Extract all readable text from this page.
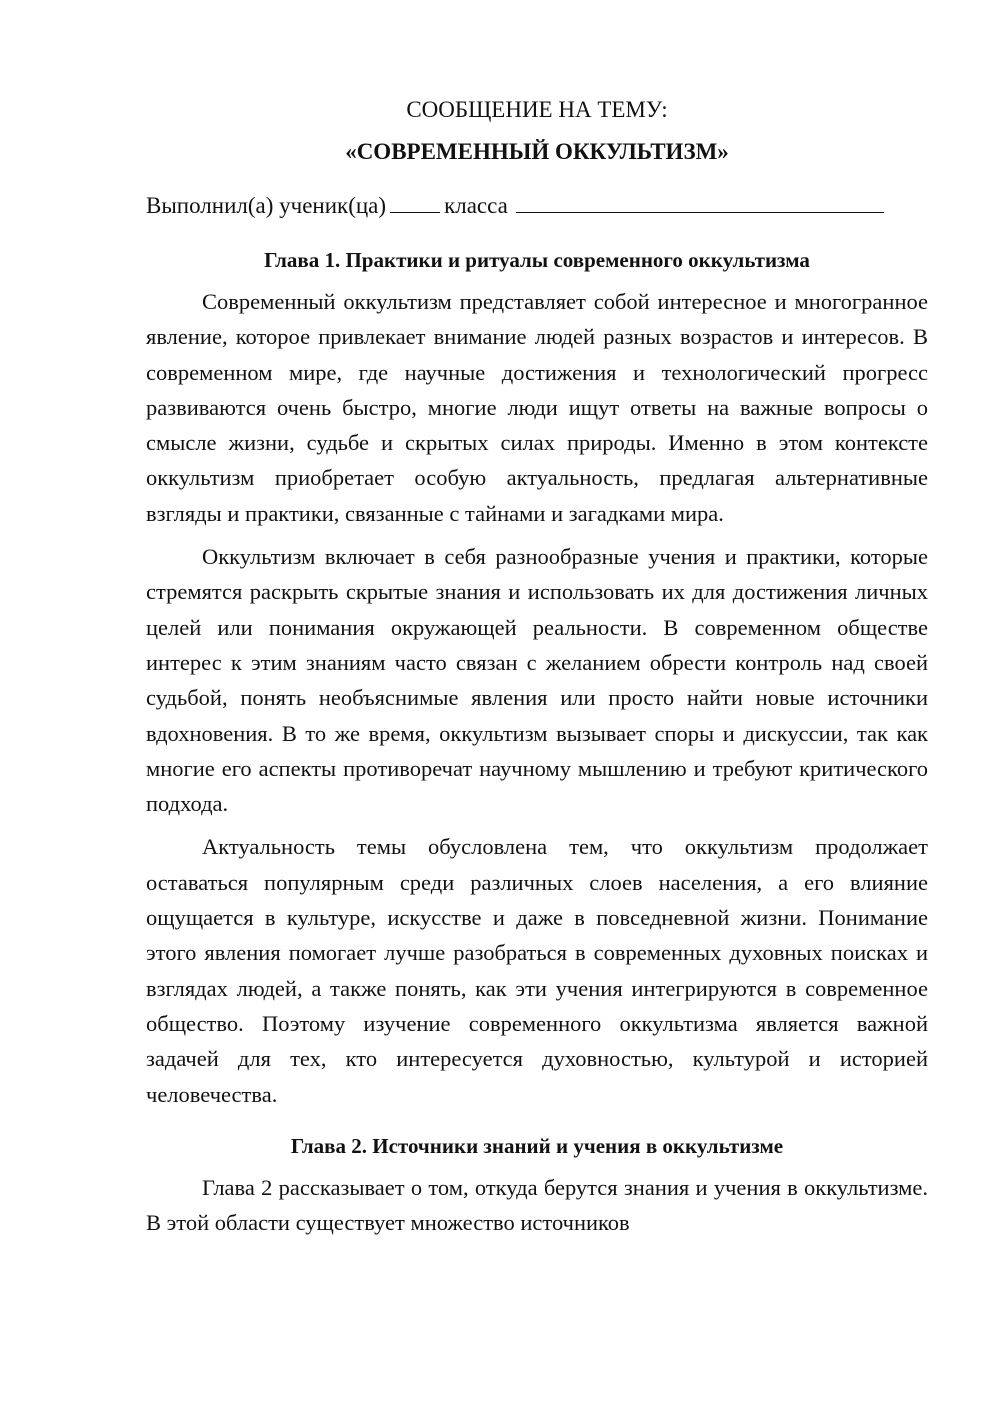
СООБЩЕНИЕ НА ТЕМУ:
«СОВРЕМЕННЫЙ ОККУЛЬТИЗМ»
Выполнил(а) ученик(ца)	класса
Глава 1. Практики и ритуалы современного оккультизма

Современный оккультизм представляет собой интересное и многогранное явление, которое привлекает внимание людей разных возрастов и интересов. В современном мире, где научные достижения и технологический прогресс развиваются очень быстро, многие люди ищут ответы на важные вопросы о смысле жизни, судьбе и скрытых силах природы. Именно в этом контексте оккультизм приобретает особую актуальность, предлагая альтернативные взгляды и практики, связанные с тайнами и загадками мира.

Оккультизм включает в себя разнообразные учения и практики, которые стремятся раскрыть скрытые знания и использовать их для достижения личных целей или понимания окружающей реальности. В современном обществе интерес к этим знаниям часто связан с желанием обрести контроль над своей судьбой, понять необъяснимые явления или просто найти новые источники вдохновения. В то же время, оккультизм вызывает споры и дискуссии, так как многие его аспекты противоречат научному мышлению и требуют критического подхода.

Актуальность темы обусловлена тем, что оккультизм продолжает оставаться популярным среди различных слоев населения, а его влияние ощущается в культуре, искусстве и даже в повседневной жизни. Понимание этого явления помогает лучше разобраться в современных духовных поисках и взглядах людей, а также понять, как эти учения интегрируются в современное общество. Поэтому изучение современного оккультизма является важной задачей для тех, кто интересуется духовностью, культурой и историей человечества.

Глава 2. Источники знаний и учения в оккультизме

Глава 2 рассказывает о том, откуда берутся знания и учения в оккультизме. В этой области существует множество источников
